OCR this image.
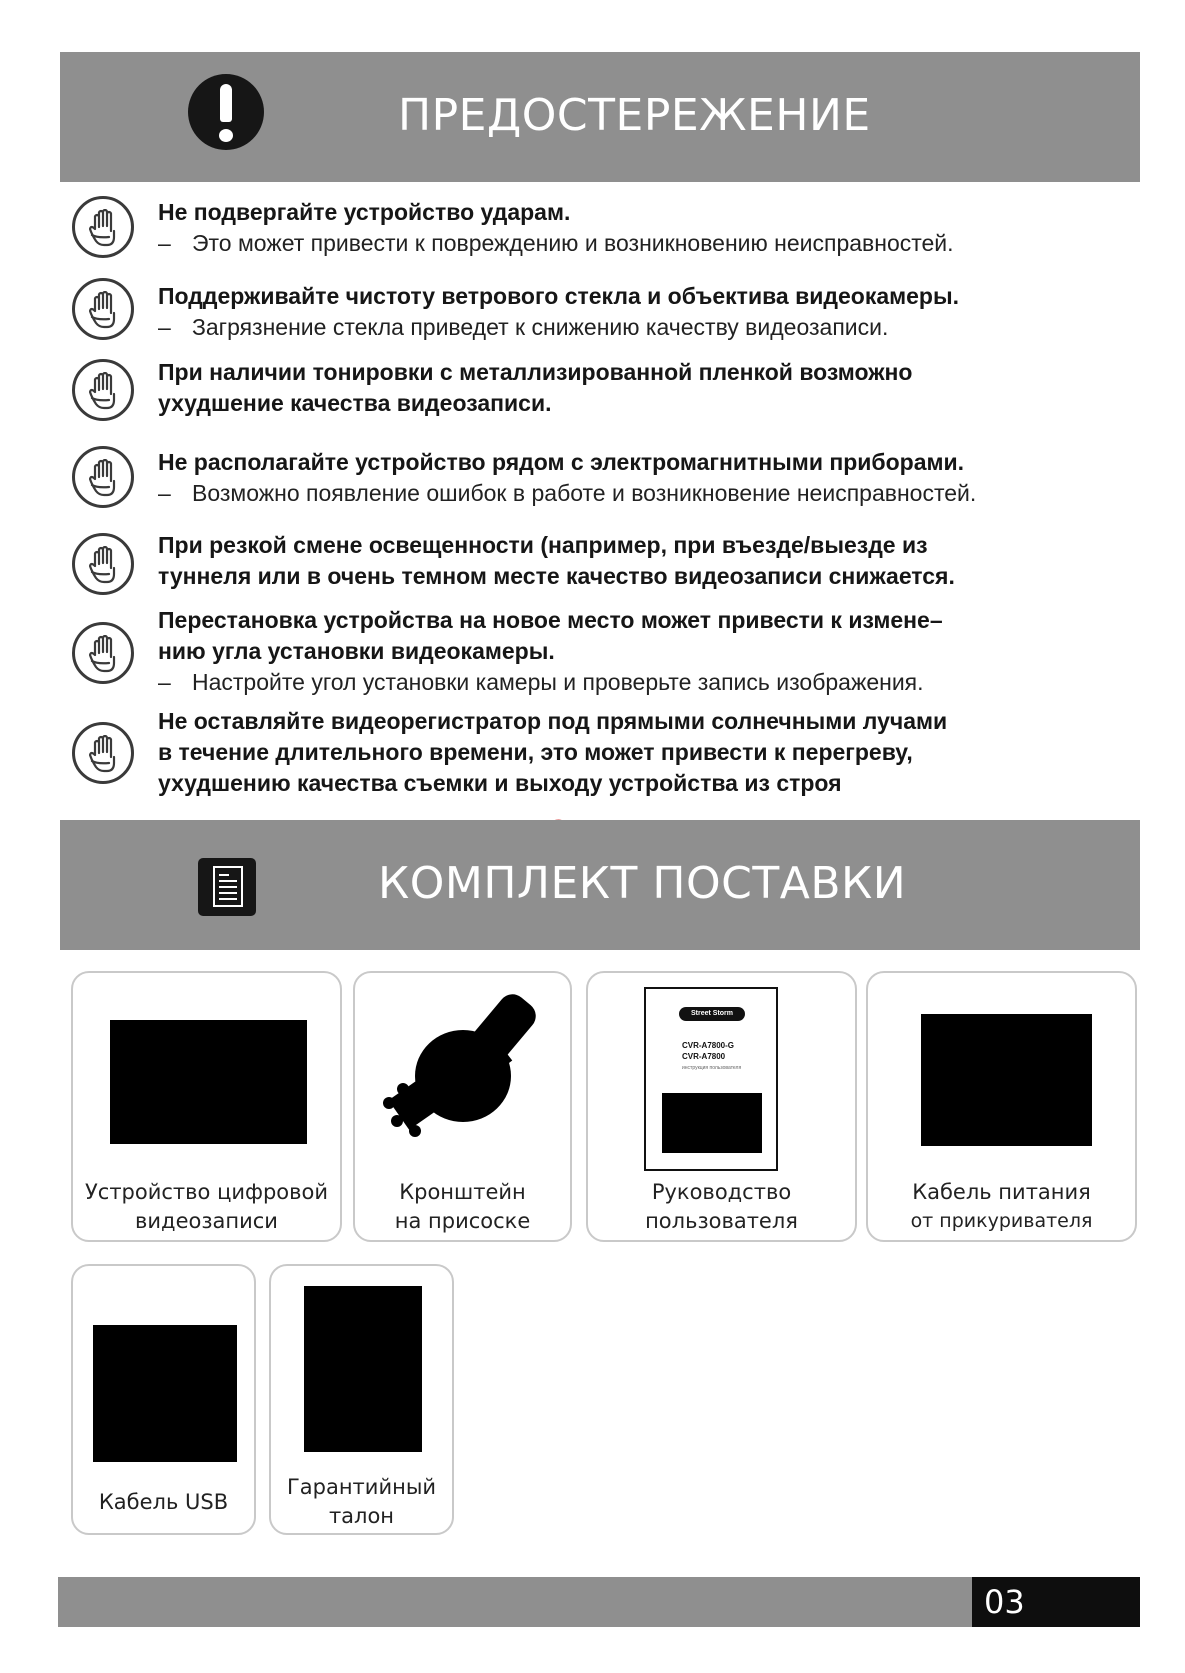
ПРЕДОСТЕРЕЖЕНИЕ
Не подвергайте устройство ударам.
– Это может привести к повреждению и возникновению неисправностей.
Поддерживайте чистоту ветрового стекла и объектива видеокамеры.
– Загрязнение стекла приведет к снижению качеству видеозаписи.
При наличии тонировки с металлизированной пленкой возможно
ухудшение качества видеозаписи.
Не располагайте устройство рядом с электромагнитными приборами.
– Возможно появление ошибок в работе и возникновение неисправностей.
При резкой смене освещенности (например, при въезде/выезде из
туннеля или в очень темном месте качество видеозаписи снижается.
Перестановка устройства на новое место может привести к измене–
нию угла установки видеокамеры.
– Настройте угол установки камеры и проверьте запись изображения.
Не оставляйте видеорегистратор под прямыми солнечными лучами
в течение длительного времени, это может привести к перегреву,
ухудшению качества съемки и выходу устройства из строя
КОМПЛЕКТ ПОСТАВКИ
Устройство цифровой
видеозаписи
Кронштейн
на присоске
Street Storm
CVR-A7800-G
CVR-A7800
инструкция пользователя
Руководство
пользователя
Кабель питания
от прикуривателя
Кабель USB
Гарантийный
талон
03
